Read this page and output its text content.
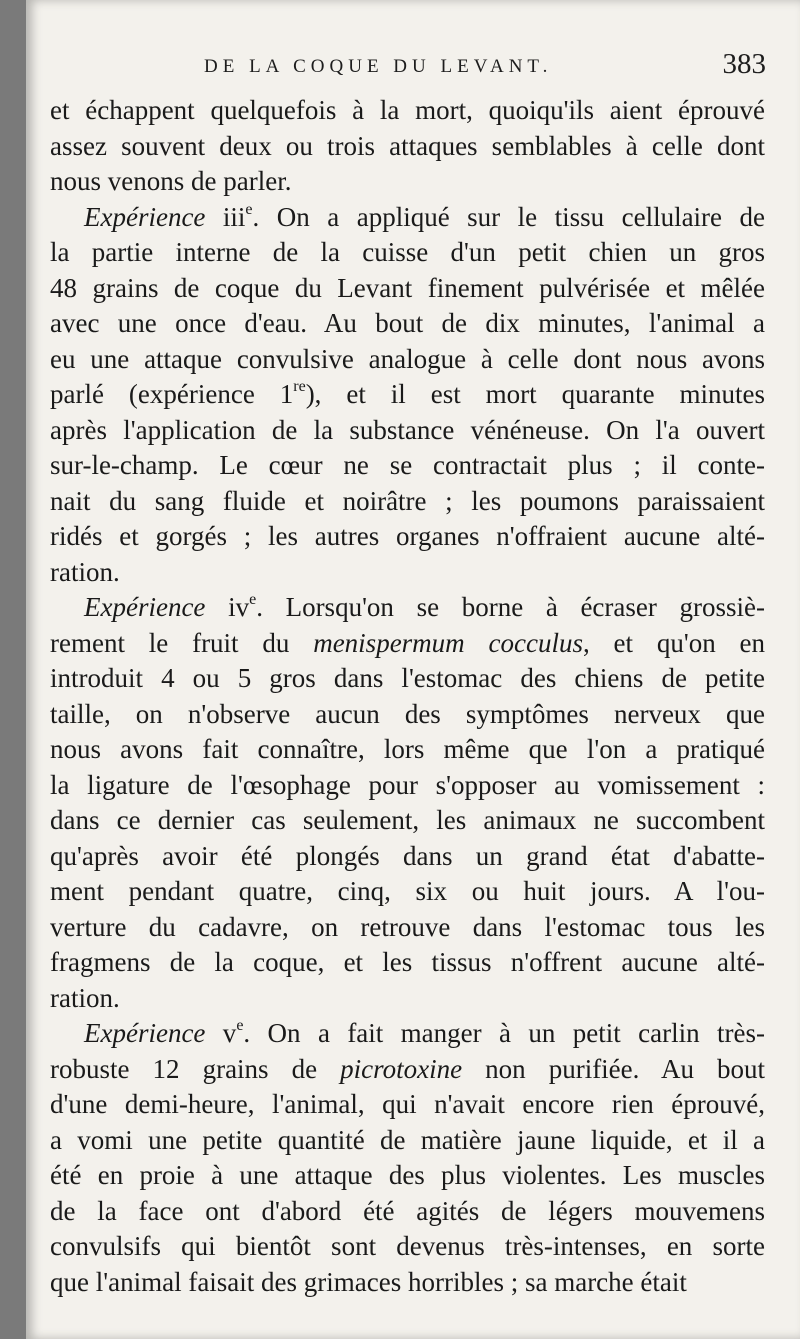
DE LA COQUE DU LEVANT.	383
et échappent quelquefois à la mort, quoiqu'ils aient éprouvé
assez souvent deux ou trois attaques semblables à celle dont
nous venons de parler.
Expérience iii$^e$. On a appliqué sur le tissu cellulaire de
la partie interne de la cuisse d'un petit chien un gros
48 grains de coque du Levant finement pulvérisée et mêlée
avec une once d'eau. Au bout de dix minutes, l'animal a
eu une attaque convulsive analogue à celle dont nous avons
parlé (expérience 1re), et il est mort quarante minutes
après l'application de la substance vénéneuse. On l'a ouvert
sur-le-champ. Le cœur ne se contractait plus ; il conte-
nait du sang fluide et noirâtre ; les poumons paraissaient
ridés et gorgés ; les autres organes n'offraient aucune alté-
ration.
Expérience $iv^e$. Lorsqu'on se borne à écraser grossiè-
rement le fruit du menispermum cocculus, et qu'on en
introduit 4 ou 5 gros dans l'estomac des chiens de petite
taille, on n'observe aucun des symptômes nerveux que
nous avons fait connaître, lors même que l'on a pratiqué
la ligature de l'œsophage pour s'opposer au vomissement :
dans ce dernier cas seulement, les animaux ne succombent
qu'après avoir été plongés dans un grand état d'abatte-
ment pendant quatre, cinq, six ou huit jours. A l'ou-
verture du cadavre, on retrouve dans l'estomac tous les
fragmens de la coque, et les tissus n'offrent aucune alté-
ration.
Expérience $v^e$. On a fait manger à un petit carlin très-
robuste 12 grains de picrotoxine non purifiée. Au bout
d'une demi-heure, l'animal, qui n'avait encore rien éprouvé,
a vomi une petite quantité de matière jaune liquide, et il a
été en proie à une attaque des plus violentes. Les muscles
de la face ont d'abord été agités de légers mouvemens
convulsifs qui bientôt sont devenus très-intenses, en sorte
que l'animal faisait des grimaces horribles ; sa marche était
